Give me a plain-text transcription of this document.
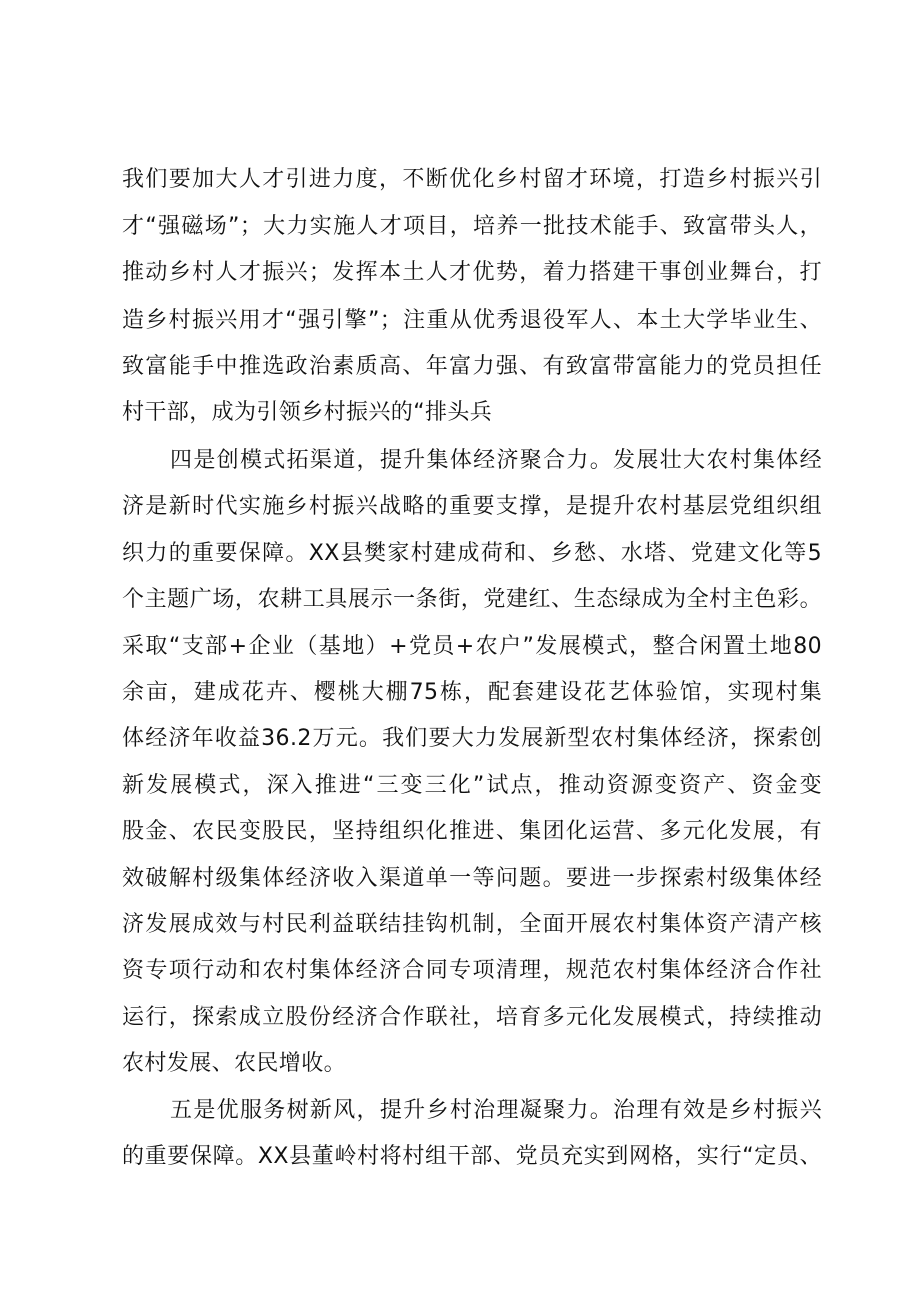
我们要加大人才引进力度，不断优化乡村留才环境，打造乡村振兴引
才“强磁场”；大力实施人才项目，培养一批技术能手、致富带头人，
推动乡村人才振兴；发挥本土人才优势，着力搭建干事创业舞台，打
造乡村振兴用才“强引擎”；注重从优秀退役军人、本土大学毕业生、
致富能手中推选政治素质高、年富力强、有致富带富能力的党员担任
村干部，成为引领乡村振兴的“排头兵
四是创模式拓渠道，提升集体经济聚合力。发展壮大农村集体经
济是新时代实施乡村振兴战略的重要支撑，是提升农村基层党组织组
织力的重要保障。XX县樊家村建成荷和、乡愁、水塔、党建文化等5
个主题广场，农耕工具展示一条街，党建红、生态绿成为全村主色彩。
采取“支部+企业（基地）+党员+农户”发展模式，整合闲置土地80
余亩，建成花卉、樱桃大棚75栋，配套建设花艺体验馆，实现村集
体经济年收益36.2万元。我们要大力发展新型农村集体经济，探索创
新发展模式，深入推进“三变三化”试点，推动资源变资产、资金变
股金、农民变股民，坚持组织化推进、集团化运营、多元化发展，有
效破解村级集体经济收入渠道单一等问题。要进一步探索村级集体经
济发展成效与村民利益联结挂钩机制，全面开展农村集体资产清产核
资专项行动和农村集体经济合同专项清理，规范农村集体经济合作社
运行，探索成立股份经济合作联社，培育多元化发展模式，持续推动
农村发展、农民增收。
五是优服务树新风，提升乡村治理凝聚力。治理有效是乡村振兴
的重要保障。XX县董岭村将村组干部、党员充实到网格，实行“定员、
